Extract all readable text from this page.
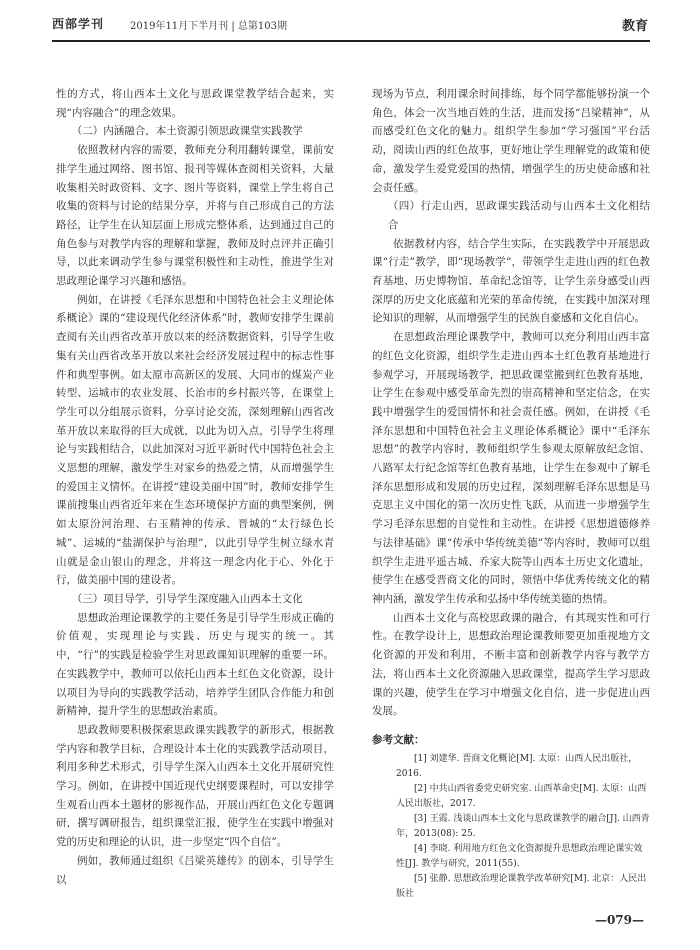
西部学刊	2019年11月下半月刊 | 总第103期	教育

性的方式，将山西本土文化与思政课堂教学结合起来，实现“内容融合”的理念效果。

（二）内涵融合，本土资源引领思政课堂实践教学

依照教材内容的需要，教师充分利用翻转课堂，课前安排学生通过网络、图书馆、报刊等媒体查阅相关资料，大量收集相关时政资料、文字、图片等资料，课堂上学生将自己收集的资料与讨论的结果分享，并将与自己形成自己的方法路径，让学生在认知层面上形成完整体系，达到通过自己的角色参与对教学内容的理解和掌握，教师及时点评并正确引导，以此来调动学生参与课堂积极性和主动性，推进学生对思政理论课学习兴趣和感悟。

例如，在讲授《毛泽东思想和中国特色社会主义理论体系概论》课的“建设现代化经济体系”时，教师安排学生课前查阅有关山西省改革开放以来的经济数据资料，引导学生收集有关山西省改革开放以来社会经济发展过程中的标志性事件和典型事例。如太原市高新区的发展、大同市的煤炭产业转型、运城市的农业发展、长治市的乡村振兴等，在课堂上学生可以分组展示资料，分享讨论交流，深刻理解山西省改革开放以来取得的巨大成就，以此为切入点，引导学生将理论与实践相结合，以此加深对习近平新时代中国特色社会主义思想的理解，激发学生对家乡的热爱之情，从而增强学生的爱国主义情怀。在讲授“建设美丽中国”时，教师安排学生课前搜集山西省近年来在生态环境保护方面的典型案例，例如太原汾河治理、右玉精神的传承、晋城的“太行绿色长城”、运城的“盐湖保护与治理”，以此引导学生树立绿水青山就是金山银山的理念，并将这一理念内化于心、外化于行，做美丽中国的建设者。

（三）项目导学，引导学生深度融入山西本土文化

思想政治理论课教学的主要任务是引导学生形成正确的价值观，实现理论与实践、历史与现实的统一。其中，“行”的实践是检验学生对思政课知识理解的重要一环。在实践教学中，教师可以依托山西本土红色文化资源，设计以项目为导向的实践教学活动，培养学生团队合作能力和创新精神，提升学生的思想政治素质。

思政教师要积极探索思政课实践教学的新形式，根据教学内容和教学目标，合理设计本土化的实践教学活动项目，利用多种艺术形式，引导学生深入山西本土文化开展研究性学习。例如，在讲授中国近现代史纲要课程时，可以安排学生观看山西本土题材的影视作品，开展山西红色文化专题调研，撰写调研报告，组织课堂汇报，使学生在实践中增强对党的历史和理论的认识，进一步坚定“四个自信”。

例如，教师通过组织《吕梁英雄传》的剧本，引导学生以

现场为节点，利用课余时间排练，每个同学都能够扮演一个角色，体会一次当地百姓的生活，进而发扬“吕梁精神”，从而感受红色文化的魅力。组织学生参加“学习强国”平台活动，阅读山西的红色故事，更好地让学生理解党的政策和使命，激发学生爱党爱国的热情，增强学生的历史使命感和社会责任感。

（四）行走山西，思政课实践活动与山西本土文化相结合

依据教材内容，结合学生实际，在实践教学中开展思政课“行走”教学，即“现场教学”，带领学生走进山西的红色教育基地、历史博物馆、革命纪念馆等，让学生亲身感受山西深厚的历史文化底蕴和光荣的革命传统，在实践中加深对理论知识的理解，从而增强学生的民族自豪感和文化自信心。

在思想政治理论课教学中，教师可以充分利用山西丰富的红色文化资源，组织学生走进山西本土红色教育基地进行参观学习，开展现场教学，把思政课堂搬到红色教育基地，让学生在参观中感受革命先烈的崇高精神和坚定信念，在实践中增强学生的爱国情怀和社会责任感。例如，在讲授《毛泽东思想和中国特色社会主义理论体系概论》课中“毛泽东思想”的教学内容时，教师组织学生参观太原解放纪念馆、八路军太行纪念馆等红色教育基地，让学生在参观中了解毛泽东思想形成和发展的历史过程，深刻理解毛泽东思想是马克思主义中国化的第一次历史性飞跃，从而进一步增强学生学习毛泽东思想的自觉性和主动性。在讲授《思想道德修养与法律基础》课“传承中华传统美德”等内容时，教师可以组织学生走进平遥古城、乔家大院等山西本土历史文化遗址，使学生在感受晋商文化的同时，领悟中华优秀传统文化的精神内涵，激发学生传承和弘扬中华传统美德的热情。

山西本土文化与高校思政课的融合，有其现实性和可行性。在教学设计上，思想政治理论课教师要更加重视地方文化资源的开发和利用，不断丰富和创新教学内容与教学方法，将山西本土文化资源融入思政课堂，提高学生学习思政课的兴趣，使学生在学习中增强文化自信，进一步促进山西发展。

参考文献：

[1] 刘建华. 晋商文化概论[M]. 太原：山西人民出版社，2016.

[2] 中共山西省委党史研究室. 山西革命史[M]. 太原：山西人民出版社，2017.

[3] 王霞. 浅谈山西本土文化与思政课教学的融合[J]. 山西青年，2013(08): 25.

[4] 李晓. 利用地方红色文化资源提升思想政治理论课实效性[J]. 教学与研究，2011(55).

[5] 张静. 思想政治理论课教学改革研究[M]. 北京：人民出版社

—079—
